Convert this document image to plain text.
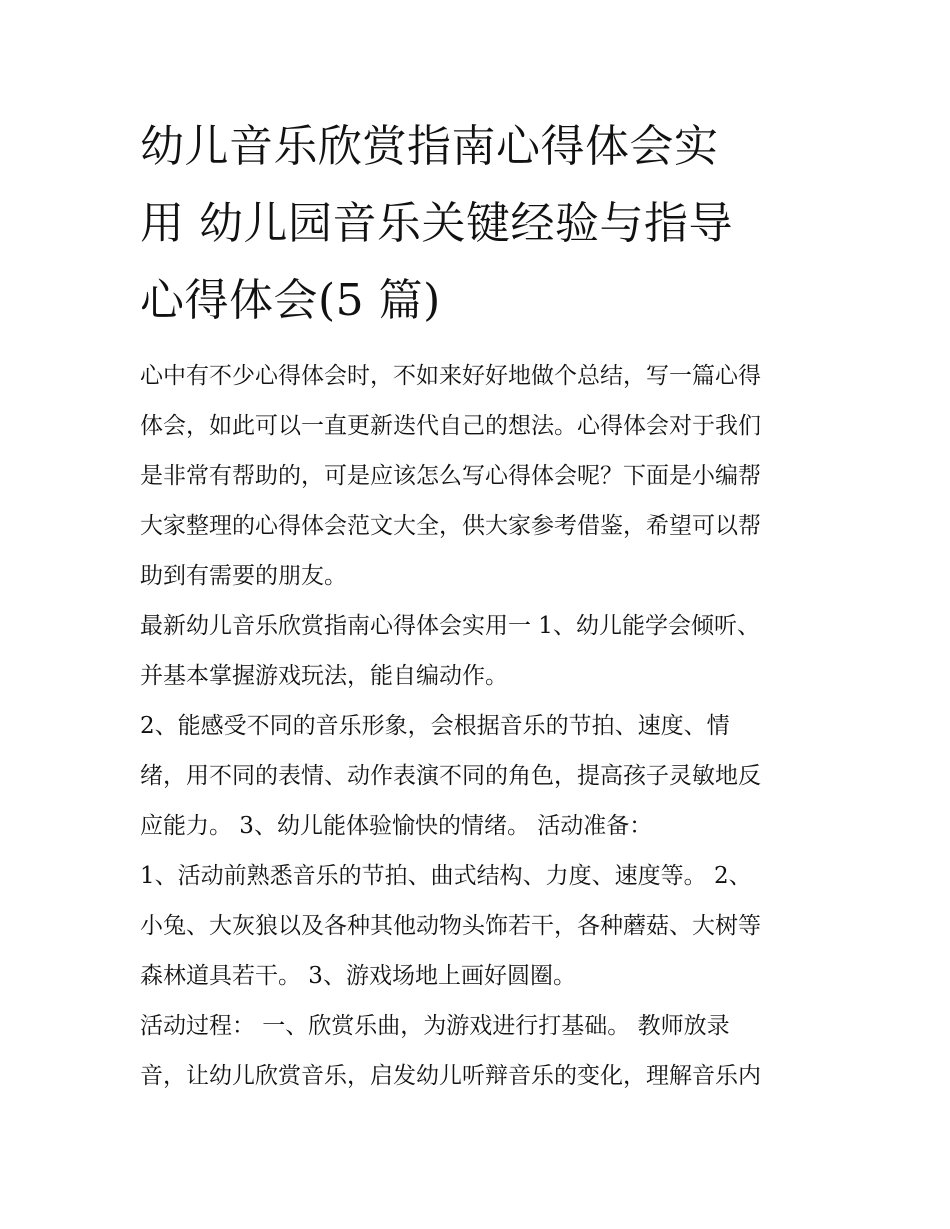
幼儿音乐欣赏指南心得体会实
用 幼儿园音乐关键经验与指导
心得体会(5 篇)
心中有不少心得体会时，不如来好好地做个总结，写一篇心得
体会，如此可以一直更新迭代自己的想法。心得体会对于我们
是非常有帮助的，可是应该怎么写心得体会呢？下面是小编帮
大家整理的心得体会范文大全，供大家参考借鉴，希望可以帮
助到有需要的朋友。
最新幼儿音乐欣赏指南心得体会实用一 1、幼儿能学会倾听、
并基本掌握游戏玩法，能自编动作。
2、能感受不同的音乐形象，会根据音乐的节拍、速度、情
绪，用不同的表情、动作表演不同的角色，提高孩子灵敏地反
应能力。 3、幼儿能体验愉快的情绪。 活动准备：
1、活动前熟悉音乐的节拍、曲式结构、力度、速度等。 2、
小兔、大灰狼以及各种其他动物头饰若干，各种蘑菇、大树等
森林道具若干。 3、游戏场地上画好圆圈。
活动过程： 一、欣赏乐曲，为游戏进行打基础。 教师放录
音，让幼儿欣赏音乐，启发幼儿听辩音乐的变化，理解音乐内
